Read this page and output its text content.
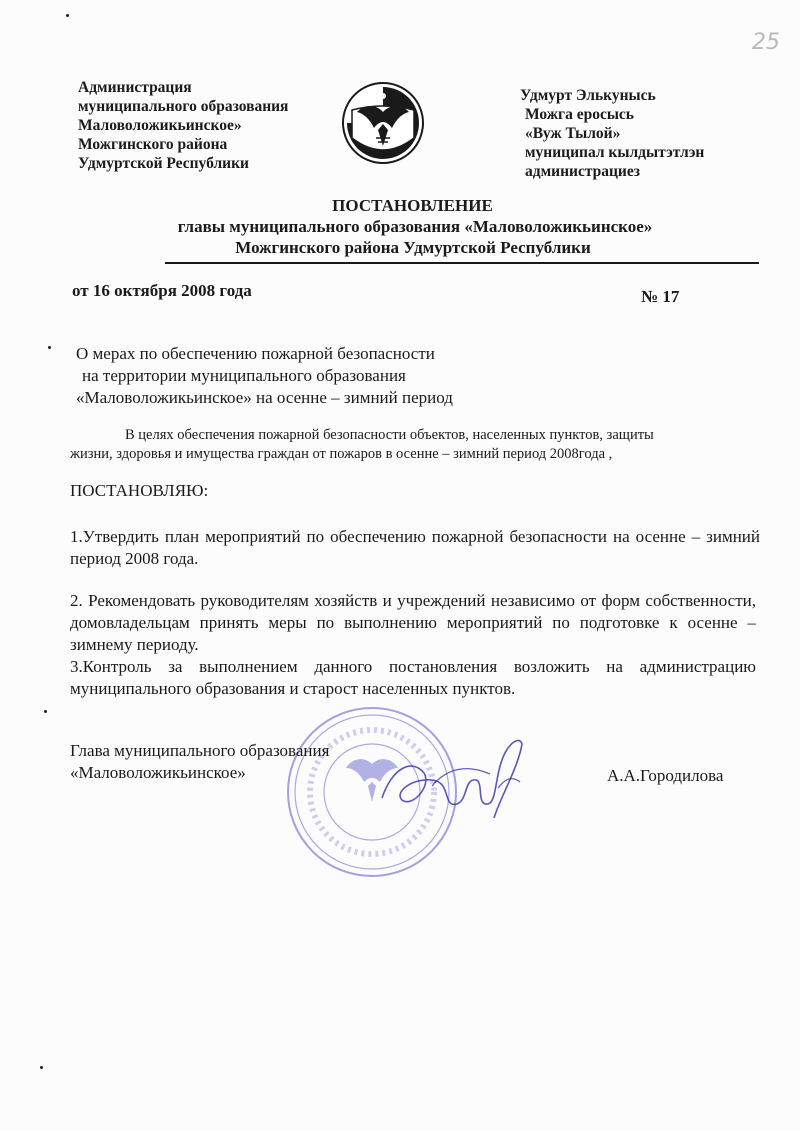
Администрация
муниципального образования
Маловоложикьинское»
Можгинского района
Удмуртской Республики
Удмурт Элькунысь
Можга еросысь
«Вуж Тылой»
муниципал кылдытэтлэн
администрациез
ПОСТАНОВЛЕНИЕ
главы муниципального образования «Маловоложикьинское»
Можгинского района Удмуртской Республики
от 16 октября 2008 года	№ 17
О мерах по обеспечению пожарной безопасности
на территории муниципального образования
«Маловоложикьинское» на осенне – зимний период
В целях обеспечения пожарной безопасности объектов, населенных пунктов, защиты
жизни, здоровья и имущества граждан от пожаров в осенне – зимний период 2008года ,
ПОСТАНОВЛЯЮ:
1.Утвердить план мероприятий по обеспечению пожарной безопасности на осенне – зимний период 2008 года.
2. Рекомендовать руководителям хозяйств и учреждений независимо от форм собственности, домовладельцам принять меры по выполнению мероприятий по подготовке к осенне – зимнему периоду.
3.Контроль за выполнением данного постановления возложить на администрацию муниципального образования и старост населенных пунктов.
Глава муниципального образования
«Маловоложикьинское»	А.А.Городилова
25
